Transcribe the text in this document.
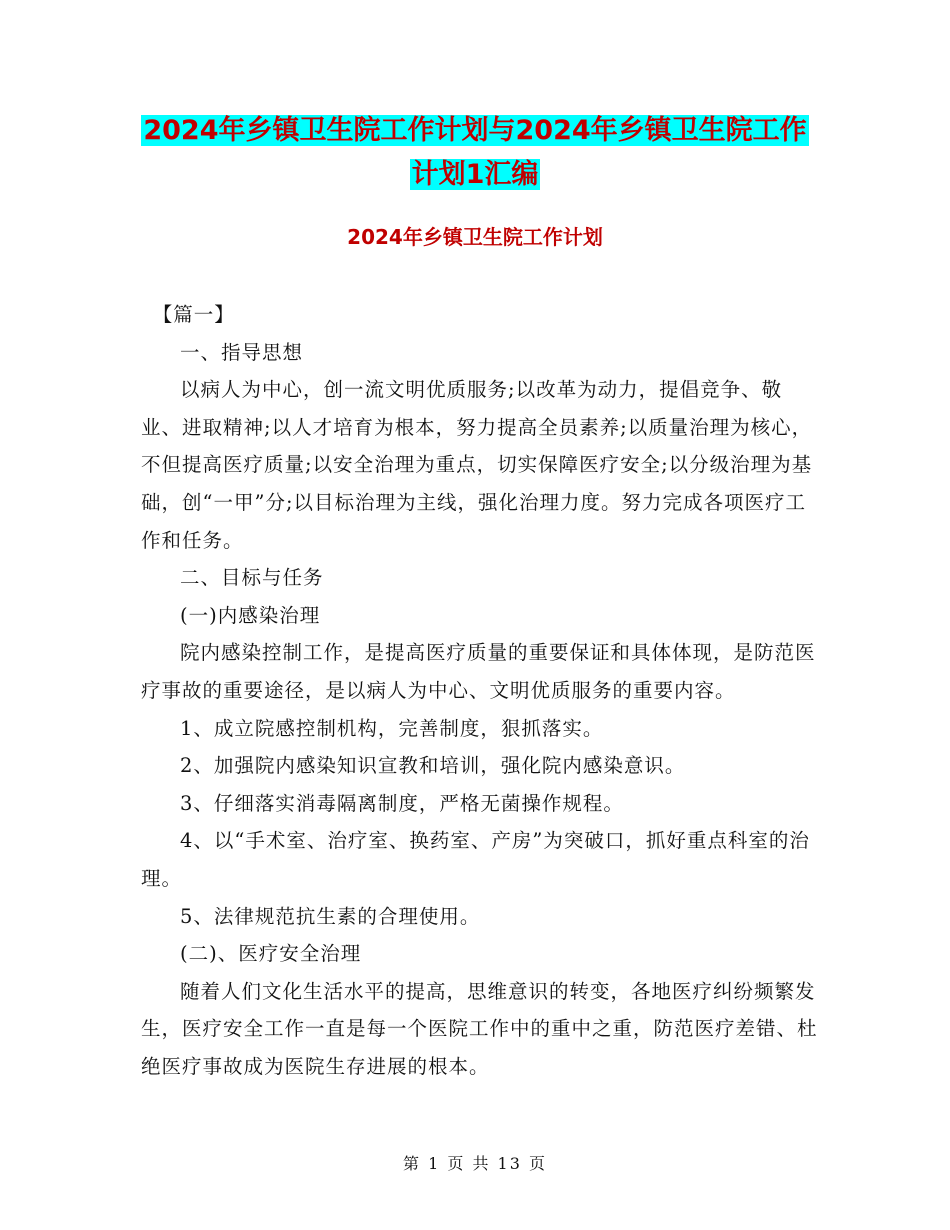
2024年乡镇卫生院工作计划与2024年乡镇卫生院工作
计划1汇编
2024年乡镇卫生院工作计划

【篇一】

一、指导思想

以病人为中心，创一流文明优质服务;以改革为动力，提倡竞争、敬业、进取精神;以人才培育为根本，努力提高全员素养;以质量治理为核心，不但提高医疗质量;以安全治理为重点，切实保障医疗安全;以分级治理为基础，创“一甲”分;以目标治理为主线，强化治理力度。努力完成各项医疗工作和任务。

二、目标与任务

(一)内感染治理

院内感染控制工作，是提高医疗质量的重要保证和具体体现，是防范医疗事故的重要途径，是以病人为中心、文明优质服务的重要内容。

1、成立院感控制机构，完善制度，狠抓落实。

2、加强院内感染知识宣教和培训，强化院内感染意识。

3、仔细落实消毒隔离制度，严格无菌操作规程。

4、以“手术室、治疗室、换药室、产房”为突破口，抓好重点科室的治理。

5、法律规范抗生素的合理使用。

(二)、医疗安全治理

随着人们文化生活水平的提高，思维意识的转变，各地医疗纠纷频繁发生，医疗安全工作一直是每一个医院工作中的重中之重，防范医疗差错、杜绝医疗事故成为医院生存进展的根本。

第 1 页 共 13 页
